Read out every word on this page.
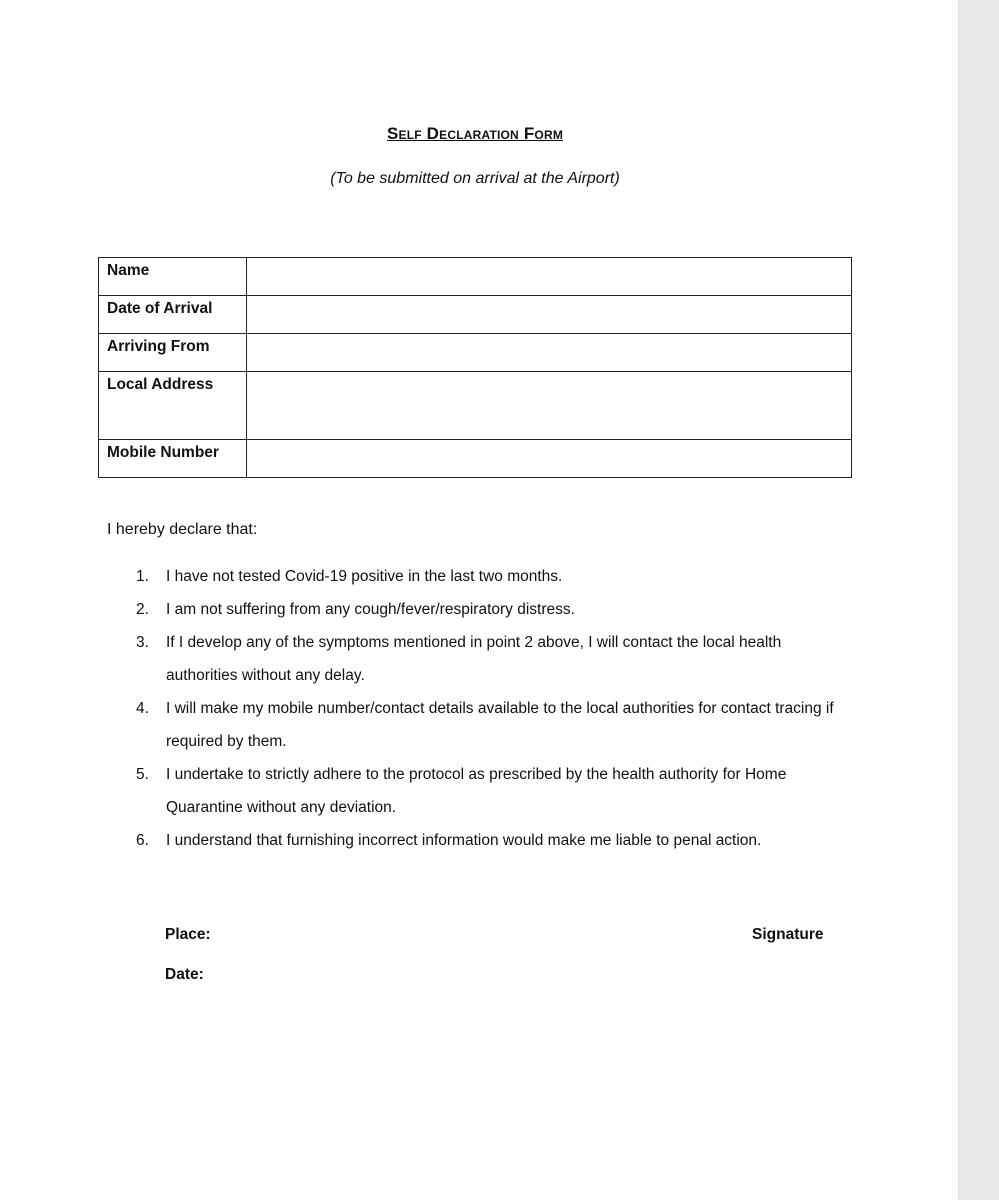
Self Declaration Form
(To be submitted on arrival at the Airport)
Name	
Date of Arrival	
Arriving From	
Local Address	
Mobile Number	
I hereby declare that:
1.	I have not tested Covid-19 positive in the last two months.
2.	I am not suffering from any cough/fever/respiratory distress.
3.	If I develop any of the symptoms mentioned in point 2 above, I will contact the local health authorities without any delay.
4.	I will make my mobile number/contact details available to the local authorities for contact tracing if required by them.
5.	I undertake to strictly adhere to the protocol as prescribed by the health authority for Home Quarantine without any deviation.
6.	I understand that furnishing incorrect information would make me liable to penal action.
Place:
Date:
Signature
